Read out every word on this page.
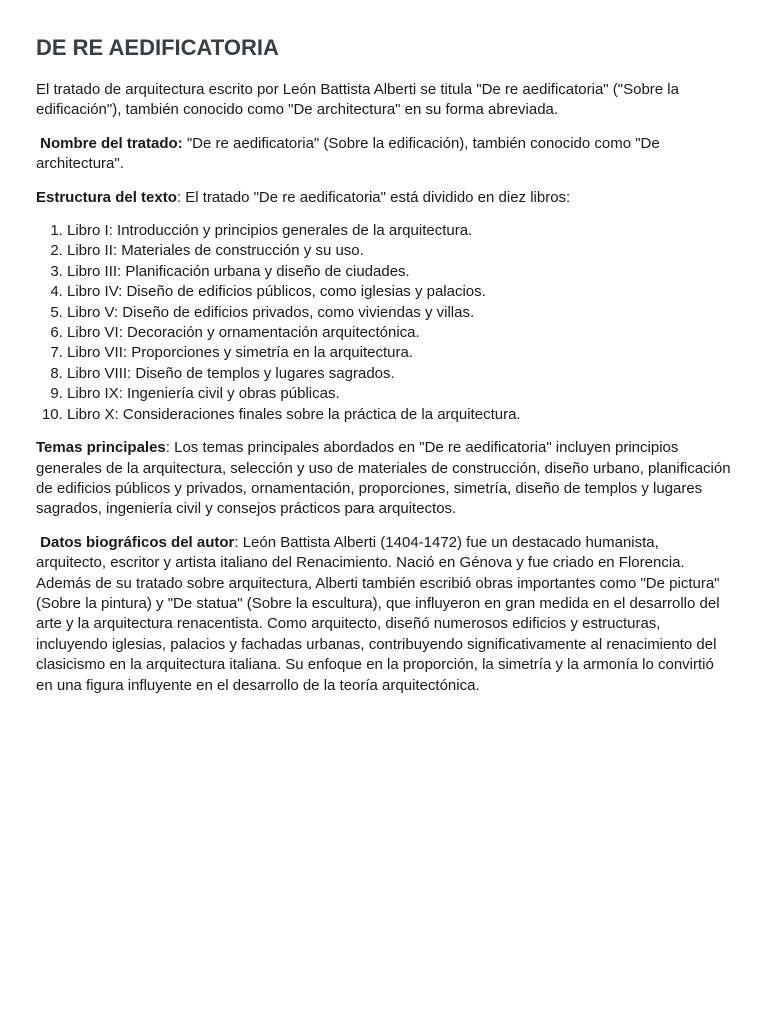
DE RE AEDIFICATORIA

El tratado de arquitectura escrito por León Battista Alberti se titula "De re aedificatoria" ("Sobre la edificación"), también conocido como "De architectura" en su forma abreviada.

Nombre del tratado: "De re aedificatoria" (Sobre la edificación), también conocido como "De architectura".

Estructura del texto: El tratado "De re aedificatoria" está dividido en diez libros:

1. Libro I: Introducción y principios generales de la arquitectura.
2. Libro II: Materiales de construcción y su uso.
3. Libro III: Planificación urbana y diseño de ciudades.
4. Libro IV: Diseño de edificios públicos, como iglesias y palacios.
5. Libro V: Diseño de edificios privados, como viviendas y villas.
6. Libro VI: Decoración y ornamentación arquitectónica.
7. Libro VII: Proporciones y simetría en la arquitectura.
8. Libro VIII: Diseño de templos y lugares sagrados.
9. Libro IX: Ingeniería civil y obras públicas.
10. Libro X: Consideraciones finales sobre la práctica de la arquitectura.

Temas principales: Los temas principales abordados en "De re aedificatoria" incluyen principios generales de la arquitectura, selección y uso de materiales de construcción, diseño urbano, planificación de edificios públicos y privados, ornamentación, proporciones, simetría, diseño de templos y lugares sagrados, ingeniería civil y consejos prácticos para arquitectos.

Datos biográficos del autor: León Battista Alberti (1404-1472) fue un destacado humanista, arquitecto, escritor y artista italiano del Renacimiento. Nació en Génova y fue criado en Florencia. Además de su tratado sobre arquitectura, Alberti también escribió obras importantes como "De pictura" (Sobre la pintura) y "De statua" (Sobre la escultura), que influyeron en gran medida en el desarrollo del arte y la arquitectura renacentista. Como arquitecto, diseñó numerosos edificios y estructuras, incluyendo iglesias, palacios y fachadas urbanas, contribuyendo significativamente al renacimiento del clasicismo en la arquitectura italiana. Su enfoque en la proporción, la simetría y la armonía lo convirtió en una figura influyente en el desarrollo de la teoría arquitectónica.
